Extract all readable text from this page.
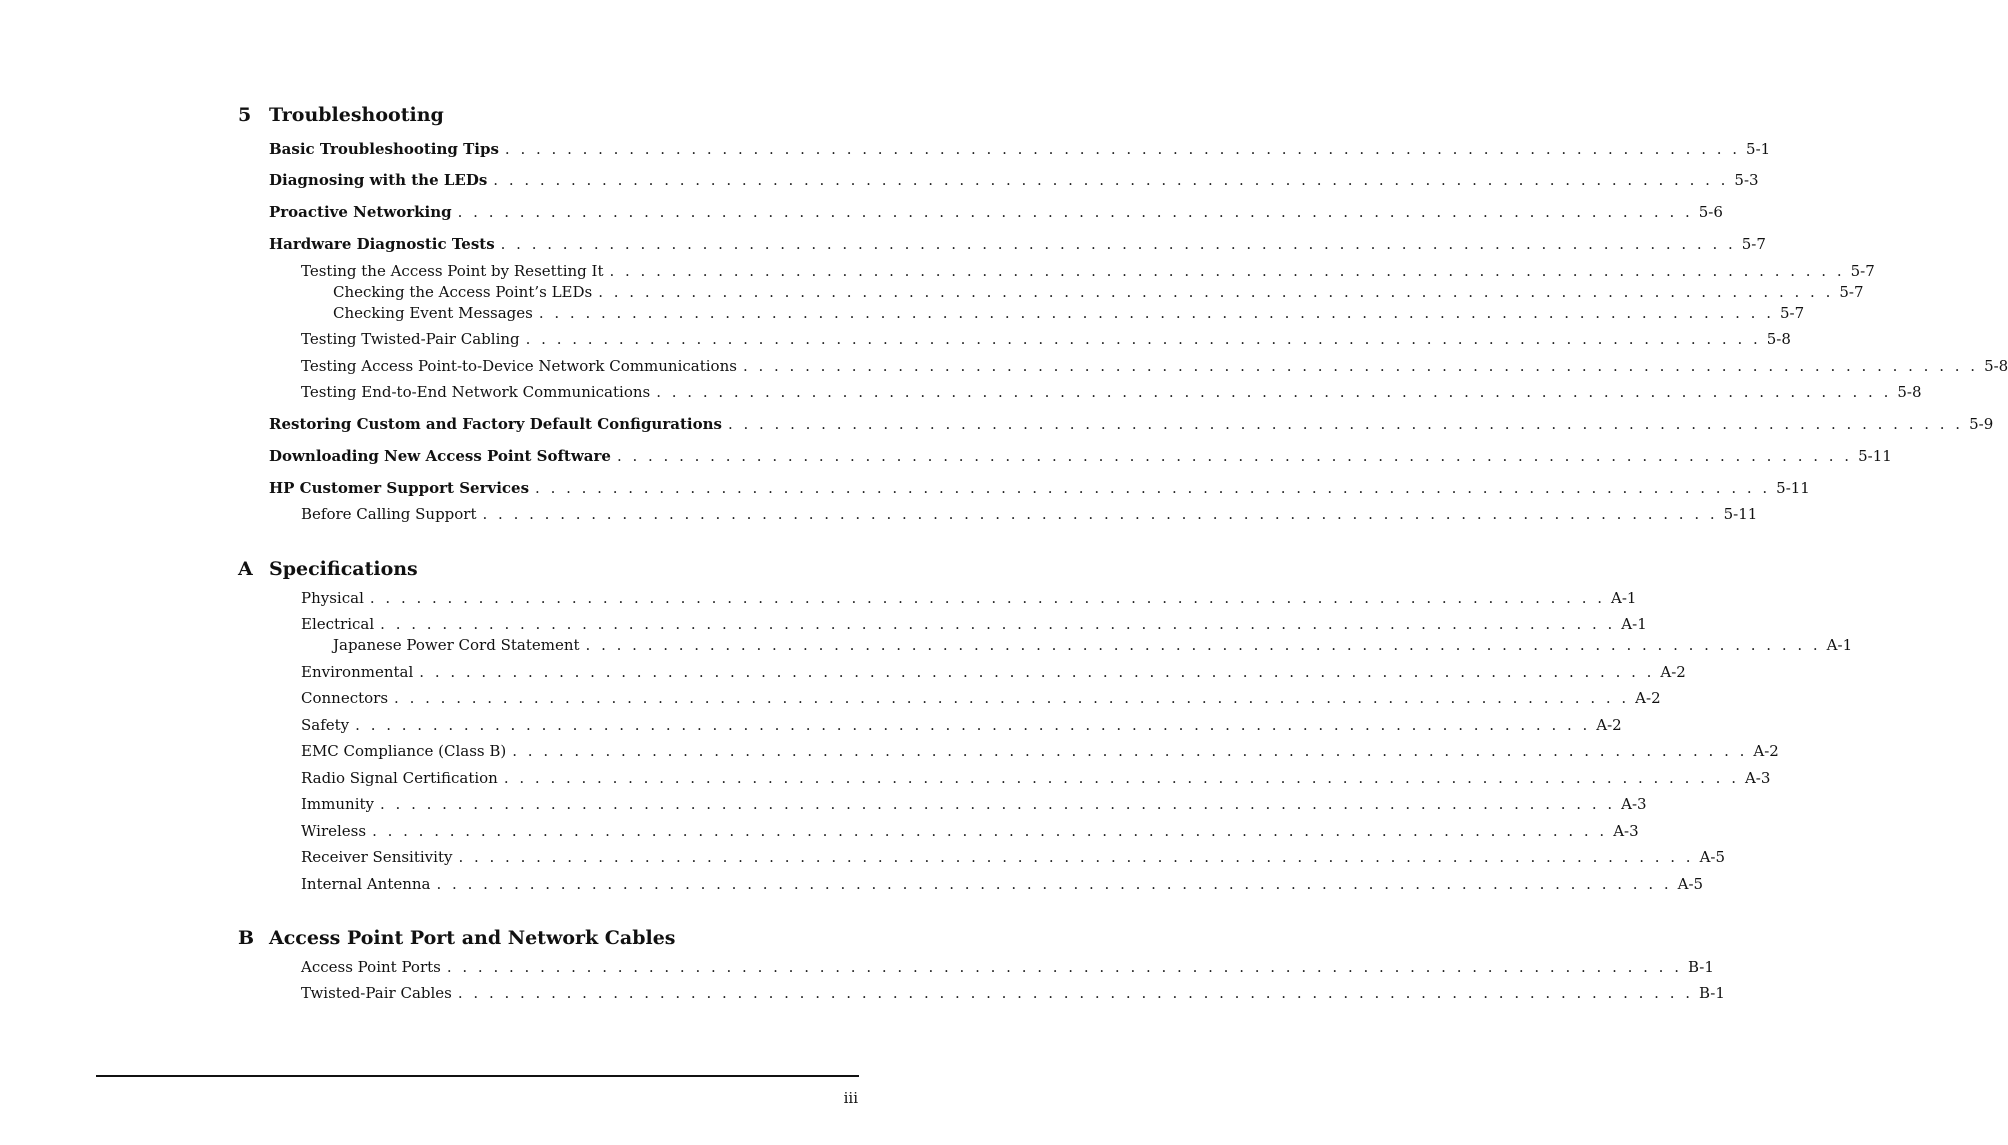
iii
5 Troubleshooting
Basic Troubleshooting Tips . . . . . . . . . . . . . . . . . . . . . . . . . . . . . . . . . . . . . . . . . . . . . . . . . . . . . . . . . . . . . . . . . . . . . . . . . . . . . . . . 5-1
Diagnosing with the LEDs . . . . . . . . . . . . . . . . . . . . . . . . . . . . . . . . . . . . . . . . . . . . . . . . . . . . . . . . . . . . . . . . . . . . . . . . . . . . . . . . 5-3
Proactive Networking . . . . . . . . . . . . . . . . . . . . . . . . . . . . . . . . . . . . . . . . . . . . . . . . . . . . . . . . . . . . . . . . . . . . . . . . . . . . . . . . 5-6
Hardware Diagnostic Tests . . . . . . . . . . . . . . . . . . . . . . . . . . . . . . . . . . . . . . . . . . . . . . . . . . . . . . . . . . . . . . . . . . . . . . . . . . . . . . . . 5-7
Testing the Access Point by Resetting It . . . . . . . . . . . . . . . . . . . . . . . . . . . . . . . . . . . . . . . . . . . . . . . . . . . . . . . . . . . . . . . . . . . . . . . . . . . . . . . . 5-7
Checking the Access Point’s LEDs . . . . . . . . . . . . . . . . . . . . . . . . . . . . . . . . . . . . . . . . . . . . . . . . . . . . . . . . . . . . . . . . . . . . . . . . . . . . . . . . 5-7
Checking Event Messages . . . . . . . . . . . . . . . . . . . . . . . . . . . . . . . . . . . . . . . . . . . . . . . . . . . . . . . . . . . . . . . . . . . . . . . . . . . . . . . . 5-7
Testing Twisted-Pair Cabling . . . . . . . . . . . . . . . . . . . . . . . . . . . . . . . . . . . . . . . . . . . . . . . . . . . . . . . . . . . . . . . . . . . . . . . . . . . . . . . . 5-8
Testing Access Point-to-Device Network Communications . . . . . . . . . . . . . . . . . . . . . . . . . . . . . . . . . . . . . . . . . . . . . . . . . . . . . . . . . . . . . . . . . . . . . . . . . . . . . . . . 5-8
Testing End-to-End Network Communications . . . . . . . . . . . . . . . . . . . . . . . . . . . . . . . . . . . . . . . . . . . . . . . . . . . . . . . . . . . . . . . . . . . . . . . . . . . . . . . . 5-8
Restoring Custom and Factory Default Configurations . . . . . . . . . . . . . . . . . . . . . . . . . . . . . . . . . . . . . . . . . . . . . . . . . . . . . . . . . . . . . . . . . . . . . . . . . . . . . . . . 5-9
Downloading New Access Point Software . . . . . . . . . . . . . . . . . . . . . . . . . . . . . . . . . . . . . . . . . . . . . . . . . . . . . . . . . . . . . . . . . . . . . . . . . . . . . . . . 5-11
HP Customer Support Services . . . . . . . . . . . . . . . . . . . . . . . . . . . . . . . . . . . . . . . . . . . . . . . . . . . . . . . . . . . . . . . . . . . . . . . . . . . . . . . . 5-11
Before Calling Support . . . . . . . . . . . . . . . . . . . . . . . . . . . . . . . . . . . . . . . . . . . . . . . . . . . . . . . . . . . . . . . . . . . . . . . . . . . . . . . . 5-11
A Specifications
Physical . . . . . . . . . . . . . . . . . . . . . . . . . . . . . . . . . . . . . . . . . . . . . . . . . . . . . . . . . . . . . . . . . . . . . . . . . . . . . . . . A-1
Electrical . . . . . . . . . . . . . . . . . . . . . . . . . . . . . . . . . . . . . . . . . . . . . . . . . . . . . . . . . . . . . . . . . . . . . . . . . . . . . . . . A-1
Japanese Power Cord Statement . . . . . . . . . . . . . . . . . . . . . . . . . . . . . . . . . . . . . . . . . . . . . . . . . . . . . . . . . . . . . . . . . . . . . . . . . . . . . . . . A-1
Environmental . . . . . . . . . . . . . . . . . . . . . . . . . . . . . . . . . . . . . . . . . . . . . . . . . . . . . . . . . . . . . . . . . . . . . . . . . . . . . . . . A-2
Connectors . . . . . . . . . . . . . . . . . . . . . . . . . . . . . . . . . . . . . . . . . . . . . . . . . . . . . . . . . . . . . . . . . . . . . . . . . . . . . . . . A-2
Safety . . . . . . . . . . . . . . . . . . . . . . . . . . . . . . . . . . . . . . . . . . . . . . . . . . . . . . . . . . . . . . . . . . . . . . . . . . . . . . . . A-2
EMC Compliance (Class B) . . . . . . . . . . . . . . . . . . . . . . . . . . . . . . . . . . . . . . . . . . . . . . . . . . . . . . . . . . . . . . . . . . . . . . . . . . . . . . . . A-2
Radio Signal Certification . . . . . . . . . . . . . . . . . . . . . . . . . . . . . . . . . . . . . . . . . . . . . . . . . . . . . . . . . . . . . . . . . . . . . . . . . . . . . . . . A-3
Immunity . . . . . . . . . . . . . . . . . . . . . . . . . . . . . . . . . . . . . . . . . . . . . . . . . . . . . . . . . . . . . . . . . . . . . . . . . . . . . . . . A-3
Wireless . . . . . . . . . . . . . . . . . . . . . . . . . . . . . . . . . . . . . . . . . . . . . . . . . . . . . . . . . . . . . . . . . . . . . . . . . . . . . . . . A-3
Receiver Sensitivity . . . . . . . . . . . . . . . . . . . . . . . . . . . . . . . . . . . . . . . . . . . . . . . . . . . . . . . . . . . . . . . . . . . . . . . . . . . . . . . . A-5
Internal Antenna . . . . . . . . . . . . . . . . . . . . . . . . . . . . . . . . . . . . . . . . . . . . . . . . . . . . . . . . . . . . . . . . . . . . . . . . . . . . . . . . A-5
B Access Point Port and Network Cables
Access Point Ports . . . . . . . . . . . . . . . . . . . . . . . . . . . . . . . . . . . . . . . . . . . . . . . . . . . . . . . . . . . . . . . . . . . . . . . . . . . . . . . . B-1
Twisted-Pair Cables . . . . . . . . . . . . . . . . . . . . . . . . . . . . . . . . . . . . . . . . . . . . . . . . . . . . . . . . . . . . . . . . . . . . . . . . . . . . . . . . B-1
